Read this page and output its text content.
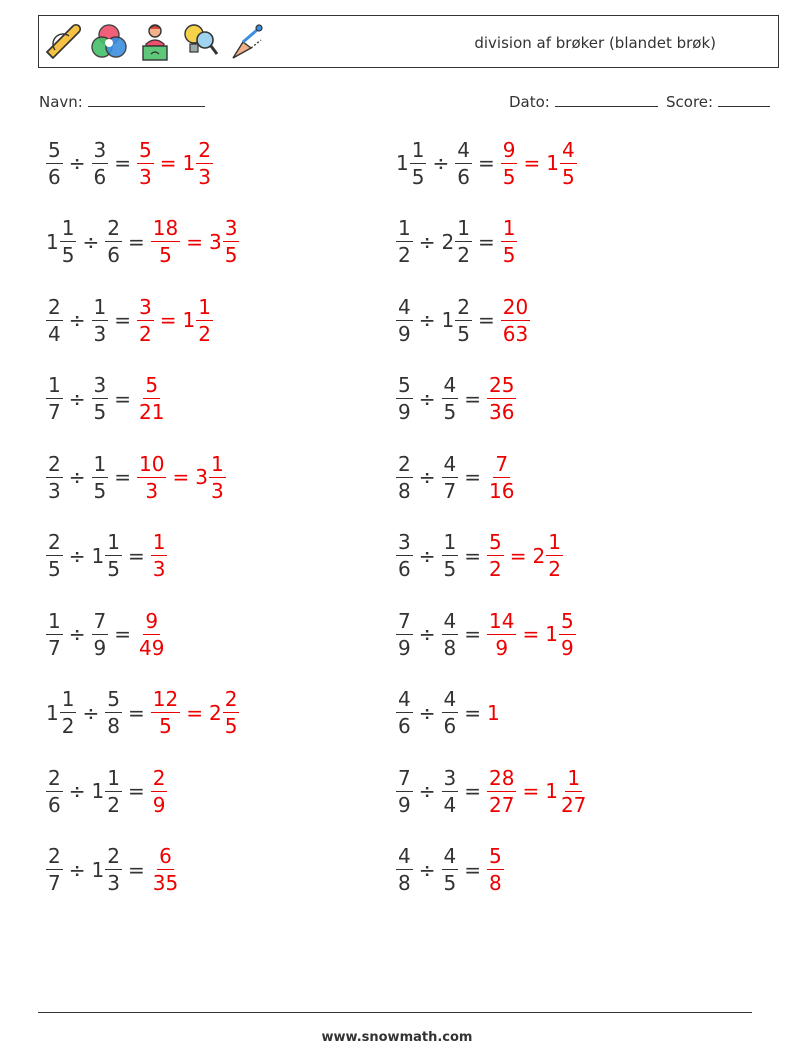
division af brøker (blandet brøk)
Navn:	Dato:	Score:
$\frac{5}{6} \div \frac{3}{6} = \frac{5}{3} = 1 \frac{2}{3}$	$1 \frac{1}{5} \div \frac{4}{6} = \frac{9}{5} = 1 \frac{4}{5}$
$1 \frac{1}{5} \div \frac{2}{6} = \frac{18}{5} = 3 \frac{3}{5}$	$\frac{1}{2} \div 2 \frac{1}{2} = \frac{1}{5}$
$\frac{2}{4} \div \frac{1}{3} = \frac{3}{2} = 1 \frac{1}{2}$	$\frac{4}{9} \div 1 \frac{2}{5} = \frac{20}{63}$
$\frac{1}{7} \div \frac{3}{5} = \frac{5}{21}$	$\frac{5}{9} \div \frac{4}{5} = \frac{25}{36}$
$\frac{2}{3} \div \frac{1}{5} = \frac{10}{3} = 3 \frac{1}{3}$	$\frac{2}{8} \div \frac{4}{7} = \frac{7}{16}$
$\frac{2}{5} \div 1 \frac{1}{5} = \frac{1}{3}$	$\frac{3}{6} \div \frac{1}{5} = \frac{5}{2} = 2 \frac{1}{2}$
$\frac{1}{7} \div \frac{7}{9} = \frac{9}{49}$	$\frac{7}{9} \div \frac{4}{8} = \frac{14}{9} = 1 \frac{5}{9}$
$1 \frac{1}{2} \div \frac{5}{8} = \frac{12}{5} = 2 \frac{2}{5}$	$\frac{4}{6} \div \frac{4}{6} = 1$
$\frac{2}{6} \div 1 \frac{1}{2} = \frac{2}{9}$	$\frac{7}{9} \div \frac{3}{4} = \frac{28}{27} = 1 \frac{1}{27}$
$\frac{2}{7} \div 1 \frac{2}{3} = \frac{6}{35}$	$\frac{4}{8} \div \frac{4}{5} = \frac{5}{8}$
www.snowmath.com
